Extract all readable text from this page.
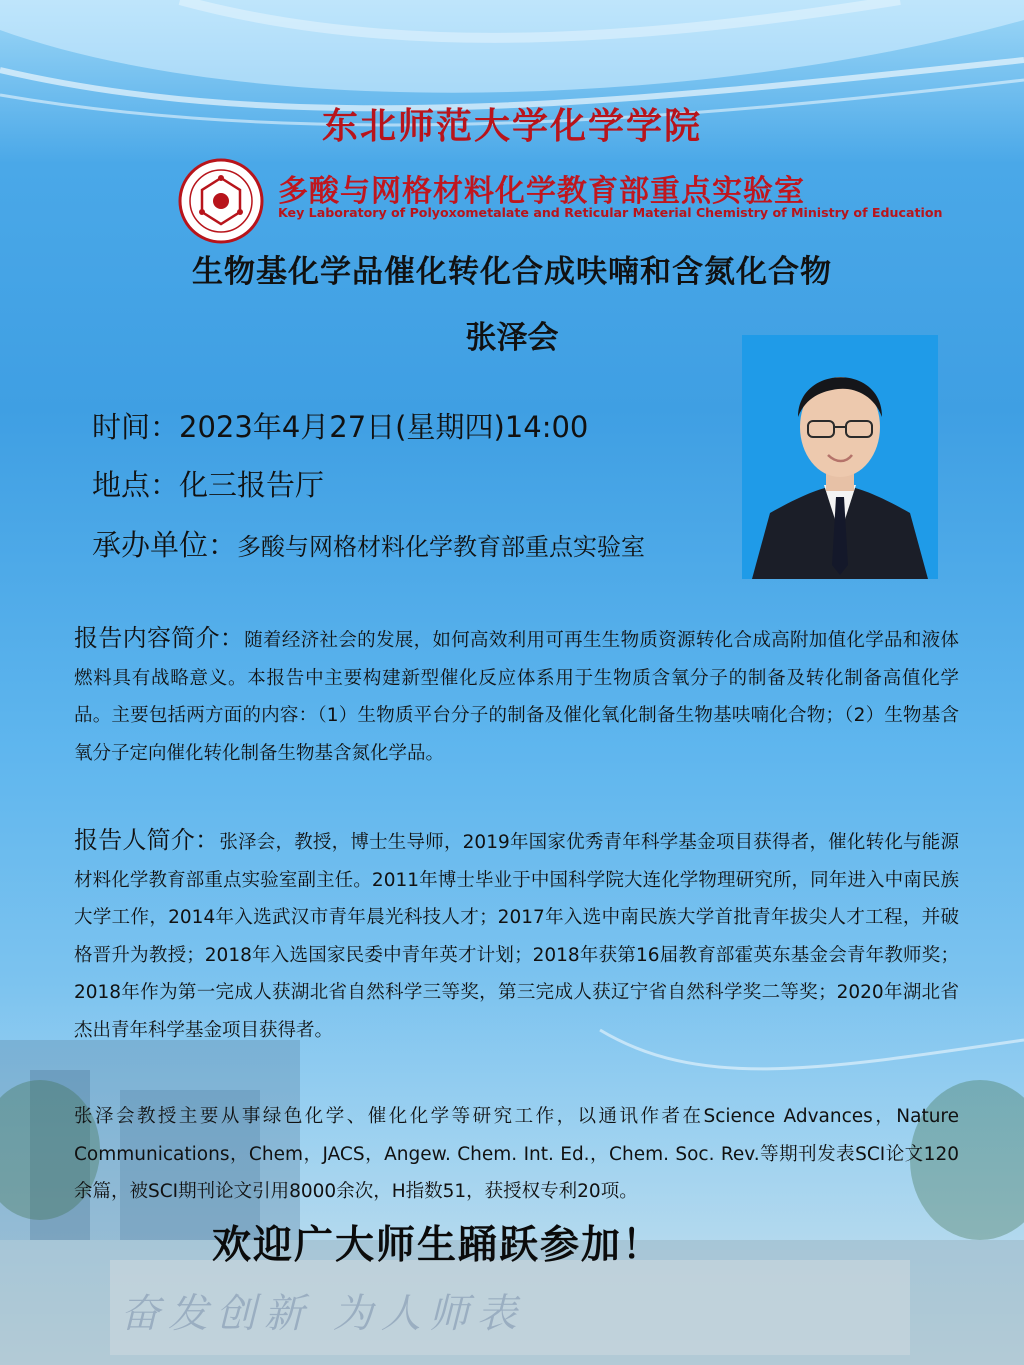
东北师范大学化学学院
多酸与网格材料化学教育部重点实验室
Key Laboratory of Polyoxometalate and Reticular Material Chemistry of Ministry of Education
生物基化学品催化转化合成呋喃和含氮化合物
张泽会
时间：2023年4月27日(星期四)14:00
地点：化三报告厅
承办单位：多酸与网格材料化学教育部重点实验室
报告内容简介：随着经济社会的发展，如何高效利用可再生生物质资源转化合成高附加值化学品和液体燃料具有战略意义。本报告中主要构建新型催化反应体系用于生物质含氧分子的制备及转化制备高值化学品。主要包括两方面的内容：（1）生物质平台分子的制备及催化氧化制备生物基呋喃化合物；（2）生物基含氧分子定向催化转化制备生物基含氮化学品。
报告人简介：张泽会，教授，博士生导师，2019年国家优秀青年科学基金项目获得者，催化转化与能源材料化学教育部重点实验室副主任。2011年博士毕业于中国科学院大连化学物理研究所，同年进入中南民族大学工作，2014年入选武汉市青年晨光科技人才；2017年入选中南民族大学首批青年拔尖人才工程，并破格晋升为教授；2018年入选国家民委中青年英才计划；2018年获第16届教育部霍英东基金会青年教师奖；2018年作为第一完成人获湖北省自然科学三等奖，第三完成人获辽宁省自然科学奖二等奖；2020年湖北省杰出青年科学基金项目获得者。
张泽会教授主要从事绿色化学、催化化学等研究工作，以通讯作者在Science Advances，Nature Communications，Chem，JACS，Angew. Chem. Int. Ed.，Chem. Soc. Rev.等期刊发表SCI论文120余篇，被SCI期刊论文引用8000余次，H指数51，获授权专利20项。
欢迎广大师生踊跃参加！
奋发创新 为人师表
